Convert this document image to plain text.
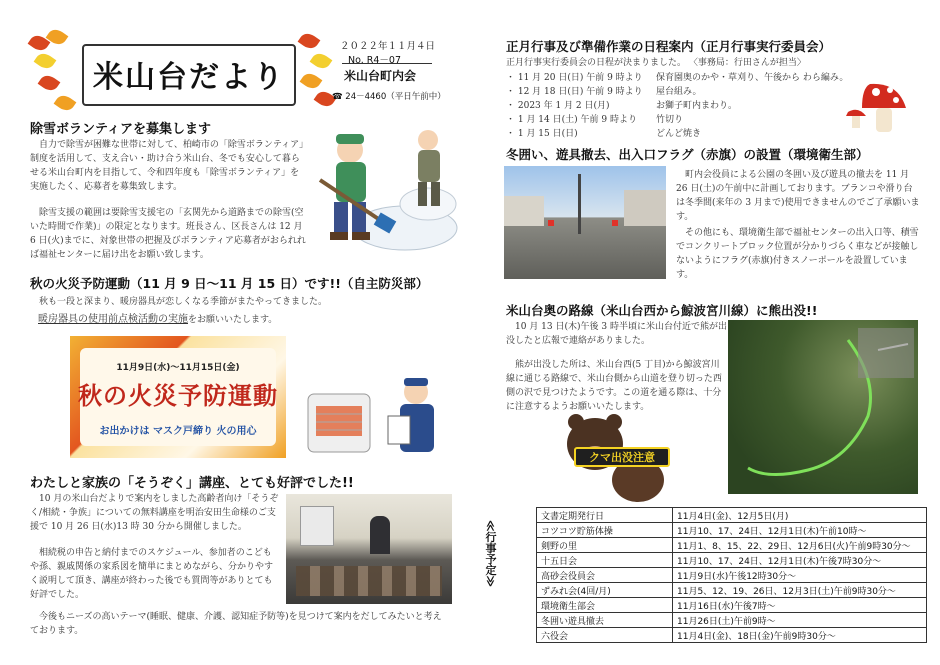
米山台だより
２０２２年１１月４日
No. R4－07
米山台町内会
☎ 24－4460（平日午前中）
除雪ボランティアを募集します
自力で除雪が困難な世帯に対して、柏崎市の「除雪ボランティア」制度を活用して、支え合い・助け合う米山台、冬でも安心して暮らせる米山台町内を目指して、令和四年度も「除雪ボランティア」を実施したく、応募者を募集致します。
除雪支援の範囲は要除雪支援宅の「玄関先から道路までの除雪(空いた時間で作業)」の限定となります。班長さん、区長さんは 12 月 6 日(火)までに、対象世帯の把握及びボランティア応募者がおられれば福祉センターに届け出をお願い致します。
秋の火災予防運動（11 月 9 日～11 月 15 日）です!!（自主防災部）
秋も一段と深まり、暖房器具が恋しくなる季節がまたやってきました。
暖房器具の使用前点検活動の実施をお願いいたします。
11月9日(水)～11月15日(金)
秋の火災予防運動
お出かけは マスク戸締り 火の用心
わたしと家族の「そうぞく」講座、とても好評でした!!
10 月の米山台だよりで案内をしました高齢者向け「そうぞく/相続・争族」についての無料講座を明治安田生命様のご支援で 10 月 26 日(水)13 時 30 分から開催しました。
相続税の申告と納付までのスケジュール、参加者のこどもや孫、親戚関係の家系図を簡単にまとめながら、分かりやすく説明して頂き、講座が終わった後でも質問等がありとても好評でした。
今後もニーズの高いテーマ(睡眠、健康、介護、認知症予防等)を見つけて案内をだしてみたいと考えております。
正月行事及び準備作業の日程案内（正月行事実行委員会）
正月行事実行委員会の日程が決まりました。 〈事務局：行田さんが担当〉
・ 11 月 20 日(日) 午前 9 時より 保育園奥のかや・草刈り、午後から わら編み。
・ 12 月 18 日(日) 午前 9 時より 屋台組み。
・ 2023 年 1 月 2 日(月)	お獅子町内まわり。
・ 1 月 14 日(土) 午前 9 時より 竹切り
・ 1 月 15 日(日)	どんど焼き
冬囲い、遊具撤去、出入口フラグ（赤旗）の設置（環境衛生部）
町内会役員による公園の冬囲い及び遊具の撤去を 11 月 26 日(土)の午前中に計画しております。ブランコや滑り台は冬季間(来年の 3 月まで)使用できませんのでご了承願います。
その他にも、環境衛生部で福祉センターの出入口等、積雪でコンクリートブロック位置が分かりづらく車などが接触しないようにフラグ(赤旗)付きスノーポールを設置しています。
米山台奥の路線（米山台西から鯨波宮川線）に熊出没!!
10 月 13 日(木)午後 3 時半頃に米山台付近で熊が出没したと広報で連絡がありました。
熊が出没した所は、米山台西(5 丁目)から鯨波宮川線に通じる路線で、米山台側から山道を登り切った西側の沢で見つけたようです。この道を通る際は、十分に注意するようお願いいたします。
クマ出没注意
≪行事予定≫
文書定期発行日	11月4日(金)、12月5日(月)
コツコツ貯筋体操	11月10、17、24日、12月1日(木)午前10時～
剣野の里	11月1、8、15、22、29日、12月6日(火)午前9時30分～
十五日会	11月10、17、24日、12月1日(木)午後7時30分～
高砂会役員会	11月9日(水)午後12時30分～
ずみれ会(4回/月)	11月5、12、19、26日、12月3日(土)午前9時30分～
環境衛生部会	11月16日(水)午後7時～
冬囲い遊具撤去	11月26日(土)午前9時～
六役会	11月4日(金)、18日(金)午前9時30分～
